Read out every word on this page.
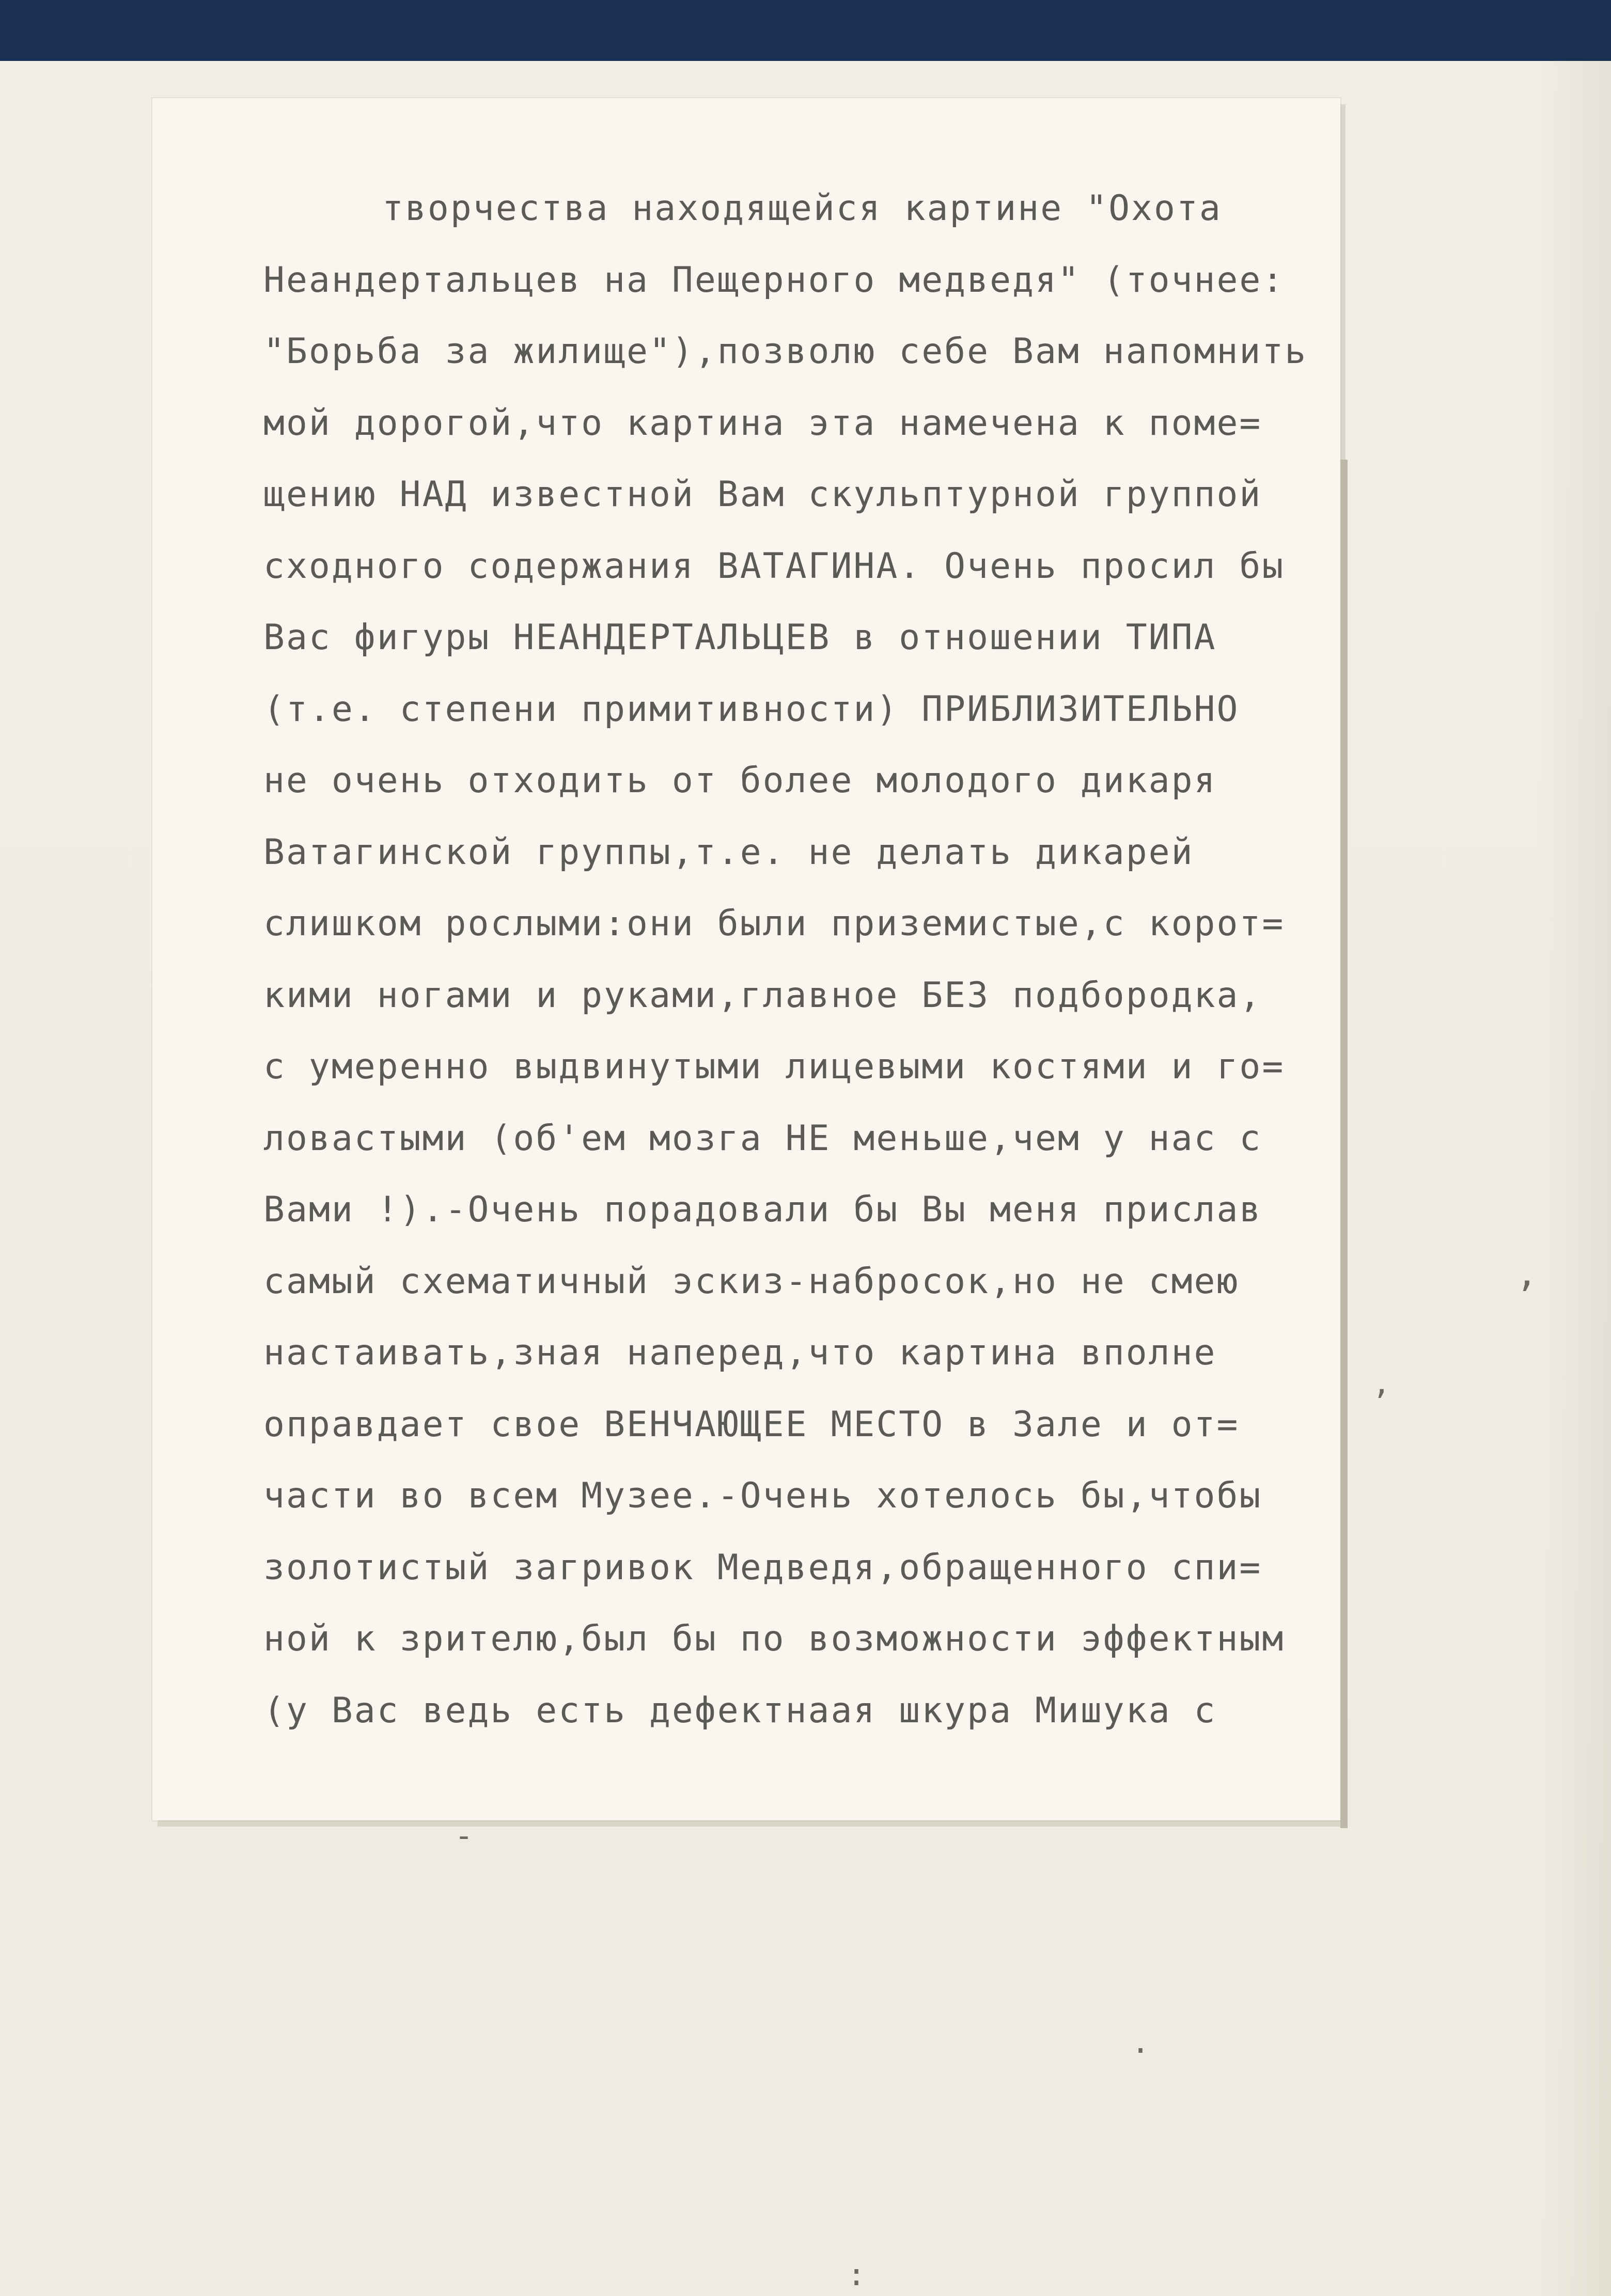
творчества находящейся картине "Охота
Неандертальцев на Пещерного медведя" (точнее:
"Борьба за жилище"),позволю себе Вам напомнить
мой дорогой,что картина эта намечена к поме=
щению НАД известной Вам скульптурной группой
сходного содержания ВАТАГИНА. Очень просил бы
Вас фигуры НЕАНДЕРТАЛЬЦЕВ в отношении ТИПА
(т.е. степени примитивности) ПРИБЛИЗИТЕЛЬНО
не очень отходить от более молодого дикаря
Ватагинской группы,т.е. не делать дикарей
слишком рослыми:они были приземистые,с корот=
кими ногами и руками,главное БЕЗ подбородка,
с умеренно выдвинутыми лицевыми костями и го=
ловастыми (об'ем мозга НЕ меньше,чем у нас с
Вами !).-Очень порадовали бы Вы меня прислав
самый схематичный эскиз-набросок,но не смею
настаивать,зная наперед,что картина вполне
оправдает свое ВЕНЧАЮЩЕЕ МЕСТО в Зале и от=
части во всем Музее.-Очень хотелось бы,чтобы
золотистый загривок Медведя,обращенного спи=
ной к зрителю,был бы по возможности эффектным
(у Вас ведь есть дефектнаая шкура Мишука с
ʼ
,
-
.
:
